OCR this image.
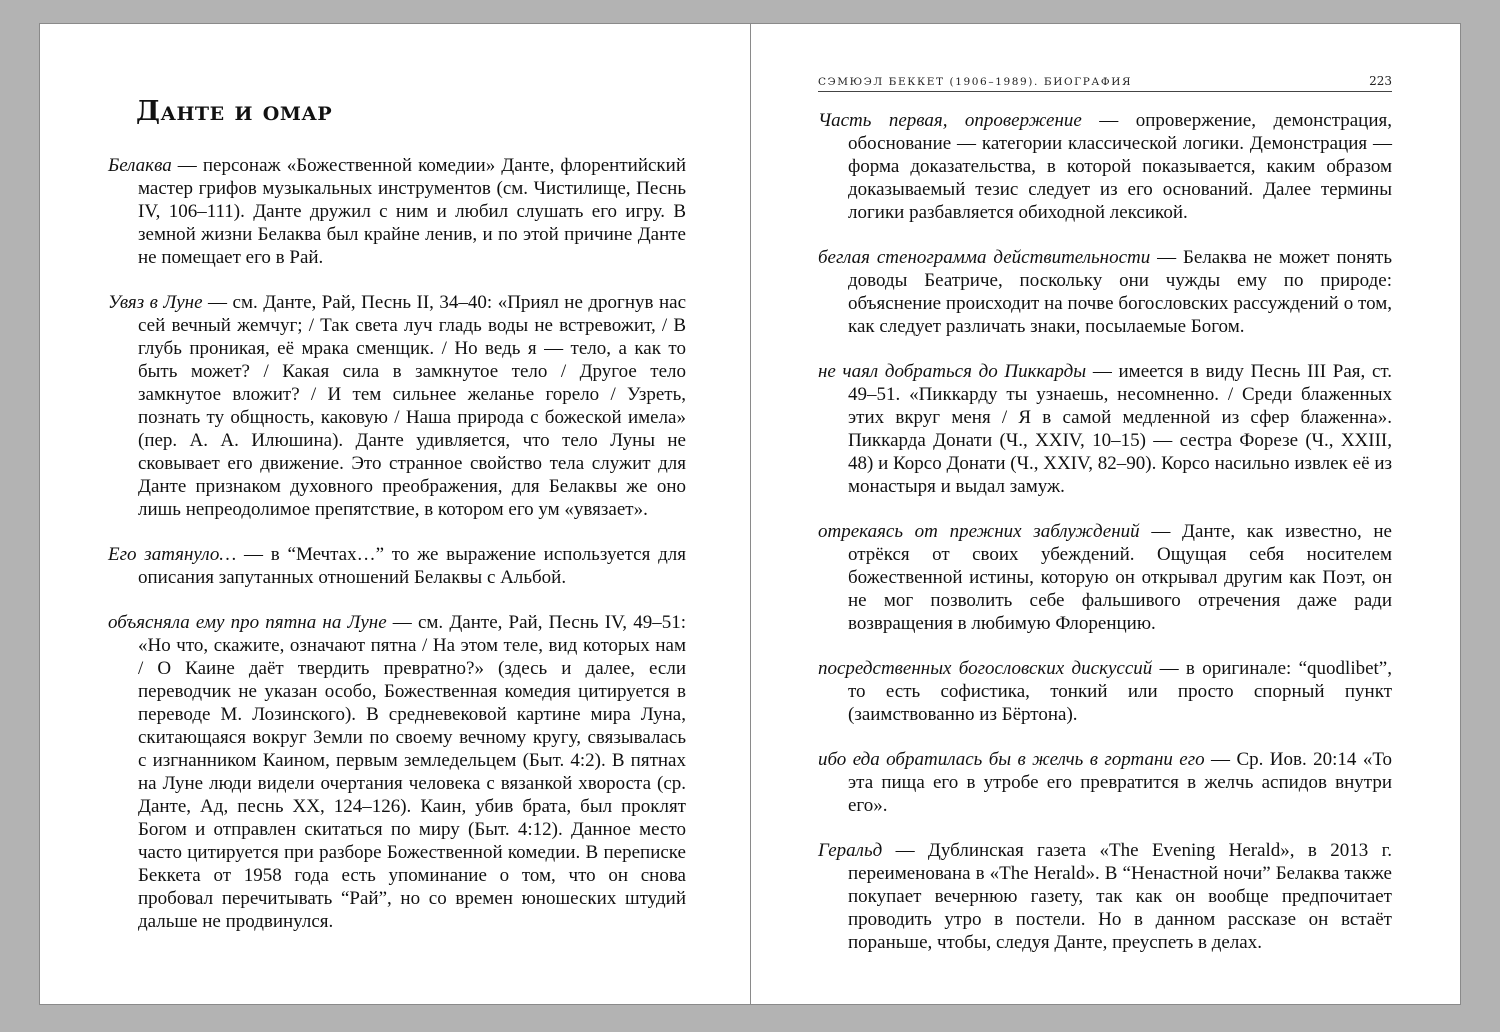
Данте и омар

Белаква — персонаж «Божественной комедии» Данте, флорентийский мастер грифов музыкальных инструментов (см. Чистилище, Песнь IV, 106–111). Данте дружил с ним и любил слушать его игру. В земной жизни Белаква был крайне ленив, и по этой причине Данте не помещает его в Рай.

Увяз в Луне — см. Данте, Рай, Песнь II, 34–40: «Приял не дрогнув нас сей вечный жемчуг; / Так света луч гладь воды не встревожит, / В глубь проникая, её мрака сменщик. / Но ведь я — тело, а как то быть может? / Какая сила в замкнутое тело / Другое тело замкнутое вложит? / И тем сильнее желанье горело / Узреть, познать ту общность, каковую / Наша природа с божеской имела» (пер. А. А. Илюшина). Данте удивляется, что тело Луны не сковывает его движение. Это странное свойство тела служит для Данте признаком духовного преображения, для Белаквы же оно лишь непреодолимое препятствие, в котором его ум «увязает».

Его затянуло… — в “Мечтах…” то же выражение используется для описания запутанных отношений Белаквы с Альбой.

объясняла ему про пятна на Луне — см. Данте, Рай, Песнь IV, 49–51: «Но что, скажите, означают пятна / На этом теле, вид которых нам / О Каине даёт твердить превратно?» (здесь и далее, если переводчик не указан особо, Божественная комедия цитируется в переводе М. Лозинского). В средневековой картине мира Луна, скитающаяся вокруг Земли по своему вечному кругу, связывалась с изгнанником Каином, первым земледельцем (Быт. 4:2). В пятнах на Луне люди видели очертания человека с вязанкой хвороста (ср. Данте, Ад, песнь XX, 124–126). Каин, убив брата, был проклят Богом и отправлен скитаться по миру (Быт. 4:12). Данное место часто цитируется при разборе Божественной комедии. В переписке Беккета от 1958 года есть упоминание о том, что он снова пробовал перечитывать “Рай”, но со времен юношеских штудий дальше не продвинулся.

СЭМЮЭЛ БЕККЕТ (1906–1989). БИОГРАФИЯ	223

Часть первая, опровержение — опровержение, демонстрация, обоснование — категории классической логики. Демонстрация — форма доказательства, в которой показывается, каким образом доказываемый тезис следует из его оснований. Далее термины логики разбавляется обиходной лексикой.

беглая стенограмма действительности — Белаква не может понять доводы Беатриче, поскольку они чужды ему по природе: объяснение происходит на почве богословских рассуждений о том, как следует различать знаки, посылаемые Богом.

не чаял добраться до Пиккарды — имеется в виду Песнь III Рая, ст. 49–51. «Пиккарду ты узнаешь, несомненно. / Среди блаженных этих вкруг меня / Я в самой медленной из сфер блаженна». Пиккарда Донати (Ч., XXIV, 10–15) — сестра Форезе (Ч., XXIII, 48) и Корсо Донати (Ч., XXIV, 82–90). Корсо насильно извлек её из монастыря и выдал замуж.

отрекаясь от прежних заблуждений — Данте, как известно, не отрёкся от своих убеждений. Ощущая себя носителем божественной истины, которую он открывал другим как Поэт, он не мог позволить себе фальшивого отречения даже ради возвращения в любимую Флоренцию.

посредственных богословских дискуссий — в оригинале: “quodlibet”, то есть софистика, тонкий или просто спорный пункт (заимствованно из Бёртона).

ибо еда обратилась бы в желчь в гортани его — Ср. Иов. 20:14 «То эта пища его в утробе его превратится в желчь аспидов внутри его».

Геральд — Дублинская газета «The Evening Herald», в 2013 г. переименована в «The Herald». В “Ненастной ночи” Белаква также покупает вечернюю газету, так как он вообще предпочитает проводить утро в постели. Но в данном рассказе он встаёт пораньше, чтобы, следуя Данте, преуспеть в делах.
